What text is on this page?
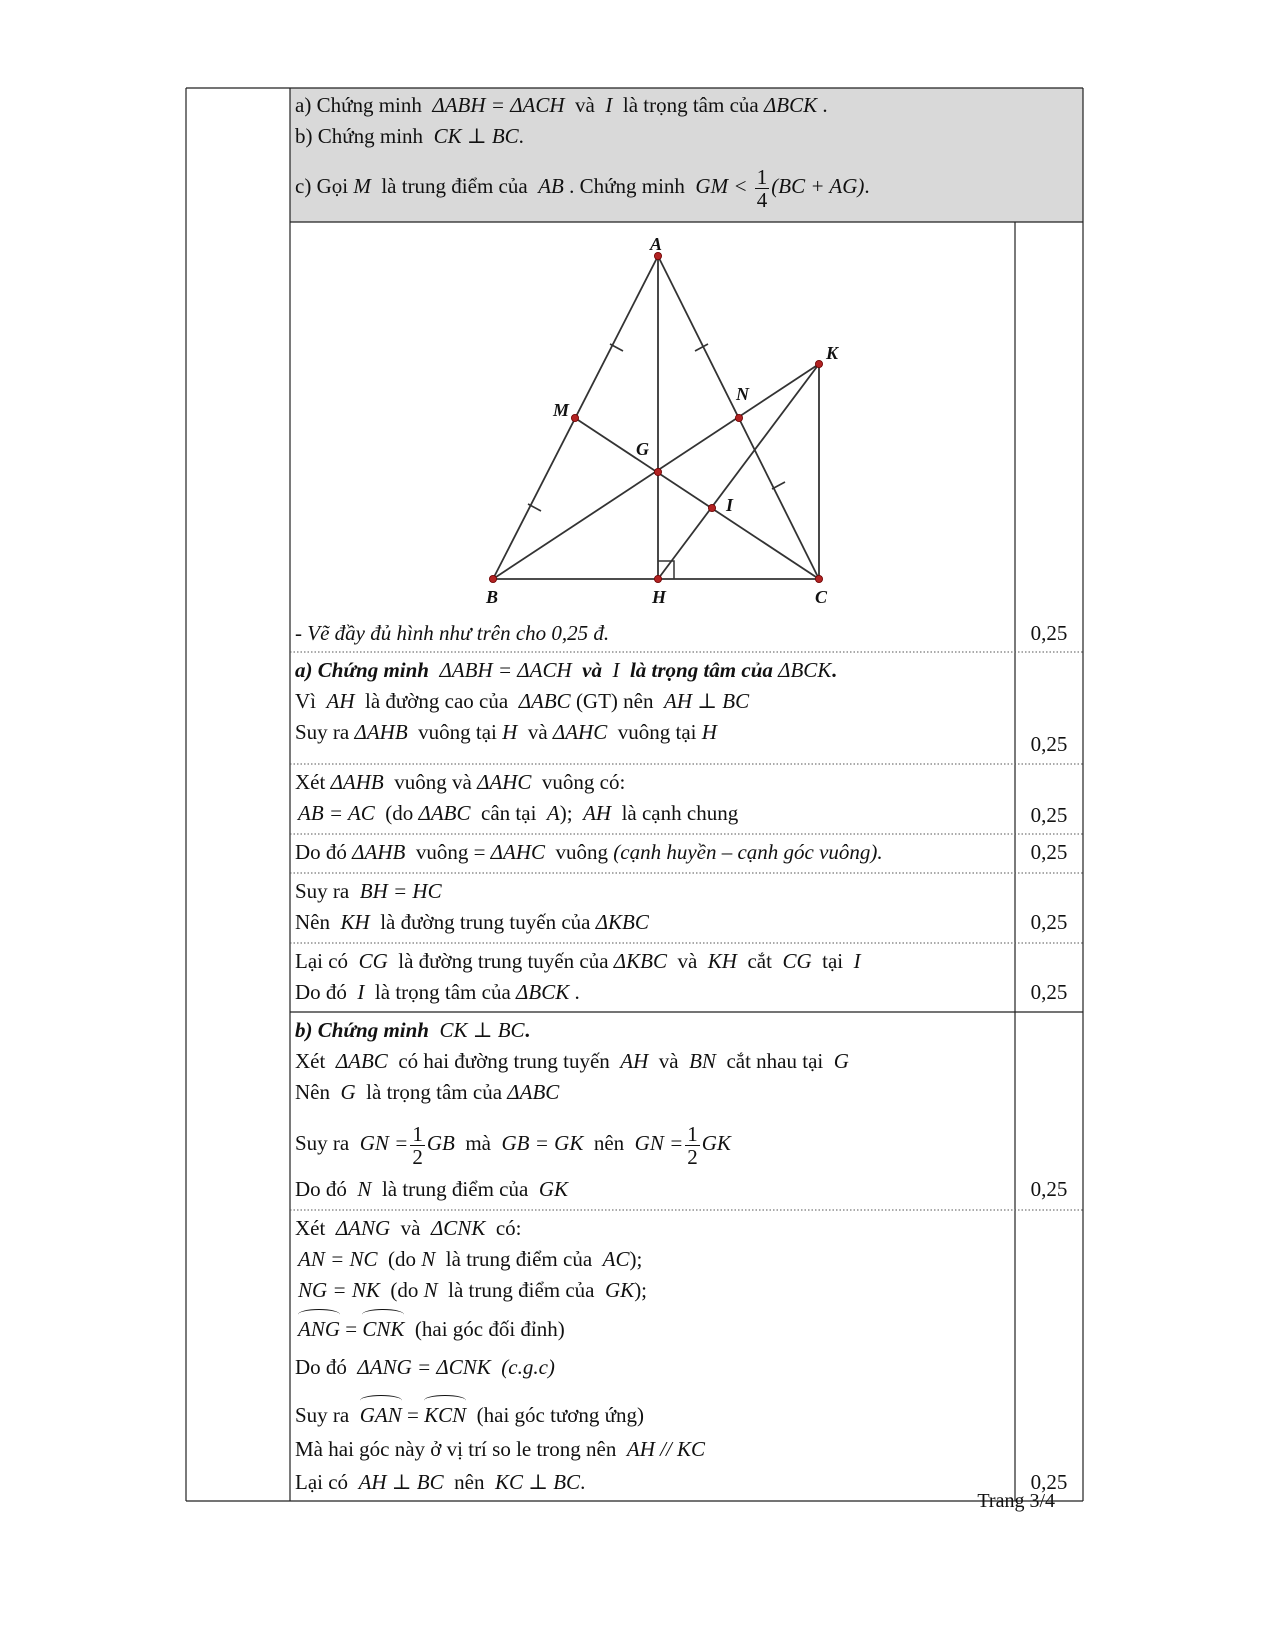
a) Chứng minh ΔABH = ΔACH và I là trọng tâm của ΔBCK .
b) Chứng minh CK ⊥ BC.
c) Gọi M là trung điểm của AB . Chứng minh GM < $\frac{1}{4} (BC + AG)$.
A
B	C
H
K
M
N
G
I
- Vẽ đầy đủ hình như trên cho 0,25 đ.	0,25
a) Chứng minh ΔABH = ΔACH và I là trọng tâm của ΔBCK.
Vì AH là đường cao của ΔABC (GT) nên AH ⊥ BC
Suy ra ΔAHB vuông tại H và ΔAHC vuông tại H	0,25
Xét ΔAHB vuông và ΔAHC vuông có:
AB = AC (do ΔABC cân tại A); AH là cạnh chung	0,25
Do đó ΔAHB vuông = ΔAHC vuông (cạnh huyền – cạnh góc vuông).	0,25
Suy ra BH = HC
Nên KH là đường trung tuyến của ΔKBC	0,25
Lại có CG là đường trung tuyến của ΔKBC và KH cắt CG tại I
Do đó I là trọng tâm của ΔBCK .	0,25
b) Chứng minh CK ⊥ BC.
Xét ΔABC có hai đường trung tuyến AH và BN cắt nhau tại G
Nên G là trọng tâm của ΔABC
Suy ra GN = $\frac{1}{2}$ GB mà GB = GK nên GN = $\frac{1}{2}$ GK
Do đó N là trung điểm của GK	0,25
Xét ΔANG và ΔCNK có:
AN = NC (do N là trung điểm của AC);
NG = NK (do N là trung điểm của GK);
ANG = CNK (hai góc đối đỉnh)
Do đó ΔANG = ΔCNK (c.g.c)
Suy ra GAN = KCN (hai góc tương ứng)
Mà hai góc này ở vị trí so le trong nên AH // KC
Lại có AH ⊥ BC nên KC ⊥ BC.	0,25
Trang 3/4
